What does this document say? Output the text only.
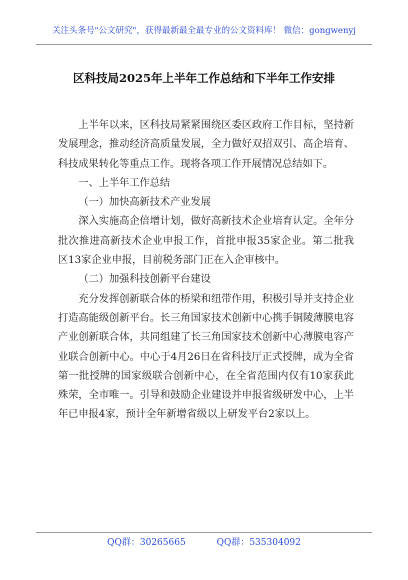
关注头条号"公文研究"，获得最新最全最专业的公文资料库！ 微信：gongwenyj
区科技局2025年上半年工作总结和下半年工作安排

上半年以来，区科技局紧紧围绕区委区政府工作目标，坚持新发展理念，推动经济高质量发展，全力做好双招双引、高企培育、科技成果转化等重点工作。现将各项工作开展情况总结如下。

一、上半年工作总结

（一）加快高新技术产业发展

深入实施高企倍增计划，做好高新技术企业培育认定。全年分批次推进高新技术企业申报工作，首批申报35家企业。第二批我区13家企业申报，目前税务部门正在入企审核中。

（二）加强科技创新平台建设

充分发挥创新联合体的桥梁和纽带作用，积极引导并支持企业打造高能级创新平台。长三角国家技术创新中心携手铜陵薄膜电容产业创新联合体，共同组建了长三角国家技术创新中心薄膜电容产业联合创新中心。中心于4月26日在省科技厅正式授牌，成为全省第一批授牌的国家级联合创新中心，在全省范围内仅有10家获此殊荣，全市唯一。引导和鼓励企业建设并申报省级研发中心，上半年已申报4家，预计全年新增省级以上研发平台2家以上。

QQ群：30265665	QQ群：535304092
